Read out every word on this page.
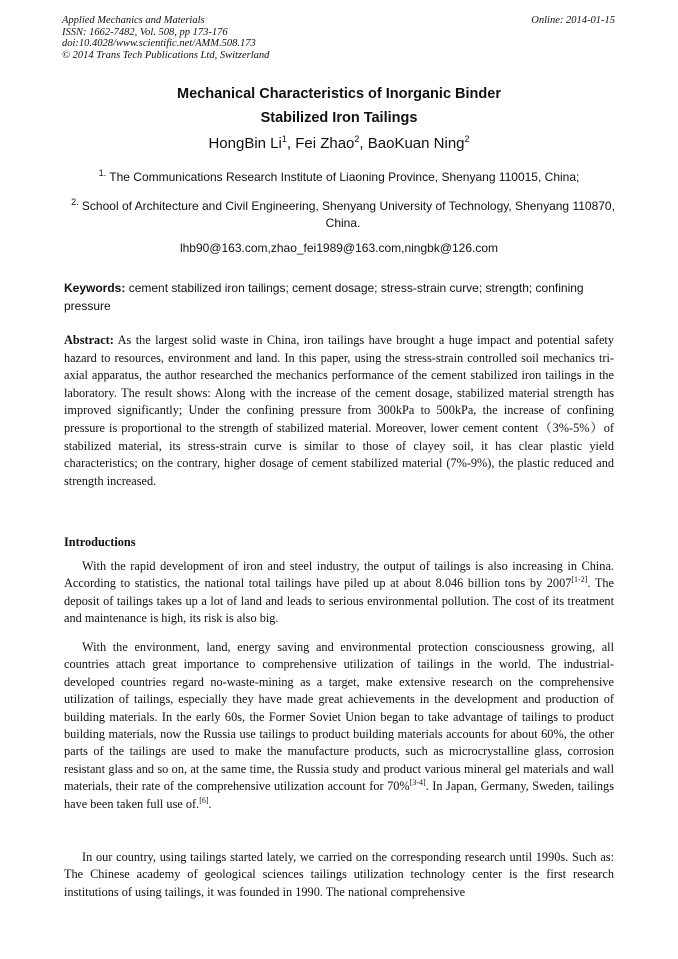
Applied Mechanics and Materials
ISSN: 1662-7482, Vol. 508, pp 173-176
doi:10.4028/www.scientific.net/AMM.508.173
© 2014 Trans Tech Publications Ltd, Switzerland
Online: 2014-01-15
Mechanical Characteristics of Inorganic Binder
Stabilized Iron Tailings
HongBin Li$^1$, Fei Zhao$^2$, BaoKuan Ning$^2$
$^{1.}$ The Communications Research Institute of Liaoning Province, Shenyang 110015, China;
$^{2.}$ School of Architecture and Civil Engineering, Shenyang University of Technology, Shenyang 110870, China.
lhb90@163.com,zhao_fei1989@163.com,ningbk@126.com
Keywords: cement stabilized iron tailings; cement dosage; stress-strain curve; strength; confining pressure
Abstract: As the largest solid waste in China, iron tailings have brought a huge impact and potential safety hazard to resources, environment and land. In this paper, using the stress-strain controlled soil mechanics tri-axial apparatus, the author researched the mechanics performance of the cement stabilized iron tailings in the laboratory. The result shows: Along with the increase of the cement dosage, stabilized material strength has improved significantly; Under the confining pressure from 300kPa to 500kPa, the increase of confining pressure is proportional to the strength of stabilized material. Moreover, lower cement content（3%-5%）of stabilized material, its stress-strain curve is similar to those of clayey soil, it has clear plastic yield characteristics; on the contrary, higher dosage of cement stabilized material (7%-9%), the plastic reduced and strength increased.
Introductions

With the rapid development of iron and steel industry, the output of tailings is also increasing in China. According to statistics, the national total tailings have piled up at about 8.046 billion tons by 2007[1-2]. The deposit of tailings takes up a lot of land and leads to serious environmental pollution. The cost of its treatment and maintenance is high, its risk is also big.

With the environment, land, energy saving and environmental protection consciousness growing, all countries attach great importance to comprehensive utilization of tailings in the world. The industrial-developed countries regard no-waste-mining as a target, make extensive research on the comprehensive utilization of tailings, especially they have made great achievements in the development and production of building materials. In the early 60s, the Former Soviet Union began to take advantage of tailings to product building materials, now the Russia use tailings to product building materials accounts for about 60%, the other parts of the tailings are used to make the manufacture products, such as microcrystalline glass, corrosion resistant glass and so on, at the same time, the Russia study and product various mineral gel materials and wall materials, their rate of the comprehensive utilization account for 70%[3-4]. In Japan, Germany, Sweden, tailings have been taken full use of.[6].

In our country, using tailings started lately, we carried on the corresponding research until 1990s. Such as: The Chinese academy of geological sciences tailings utilization technology center is the first research institutions of using tailings, it was founded in 1990. The national comprehensive
